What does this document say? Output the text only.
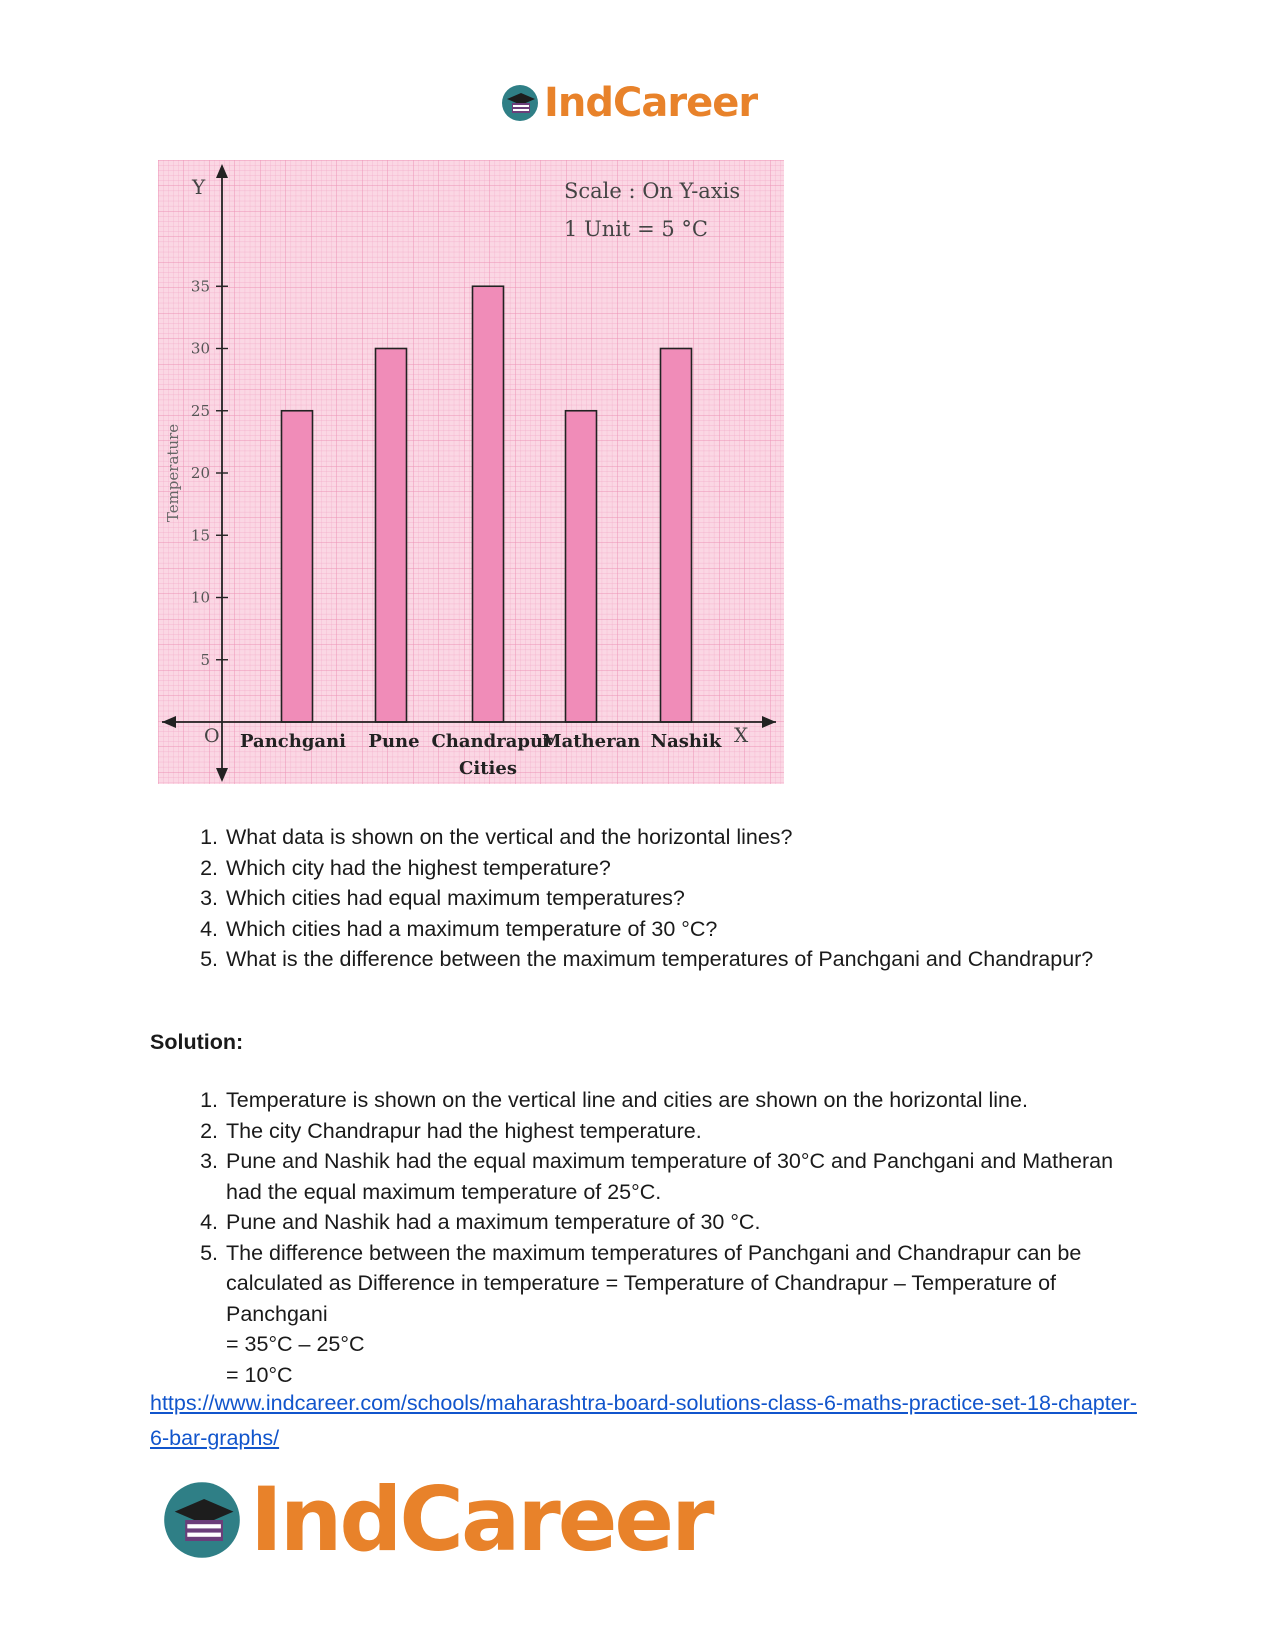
IndCareer
Panchgani Pune Chandrapur
Matheran Nashik
5
10
15
20
25
30
35
O	X
Y
Cities
Temperature
Scale : On Y-axis
1 Unit = 5 °C
1. What data is shown on the vertical and the horizontal lines?
2. Which city had the highest temperature?
3. Which cities had equal maximum temperatures?
4. Which cities had a maximum temperature of 30 °C?
5. What is the difference between the maximum temperatures of Panchgani and Chandrapur?

Solution:

1. Temperature is shown on the vertical line and cities are shown on the horizontal line.
2. The city Chandrapur had the highest temperature.
3. Pune and Nashik had the equal maximum temperature of 30°C and Panchgani and Matheran had the equal maximum temperature of 25°C.
4. Pune and Nashik had a maximum temperature of 30 °C.
5. The difference between the maximum temperatures of Panchgani and Chandrapur can be calculated as Difference in temperature = Temperature of Chandrapur – Temperature of Panchgani
= 35°C – 25°C
= 10°C
https://www.indcareer.com/schools/maharashtra-board-solutions-class-6-maths-practice-set-18-chapter-6-bar-graphs/
IndCareer
